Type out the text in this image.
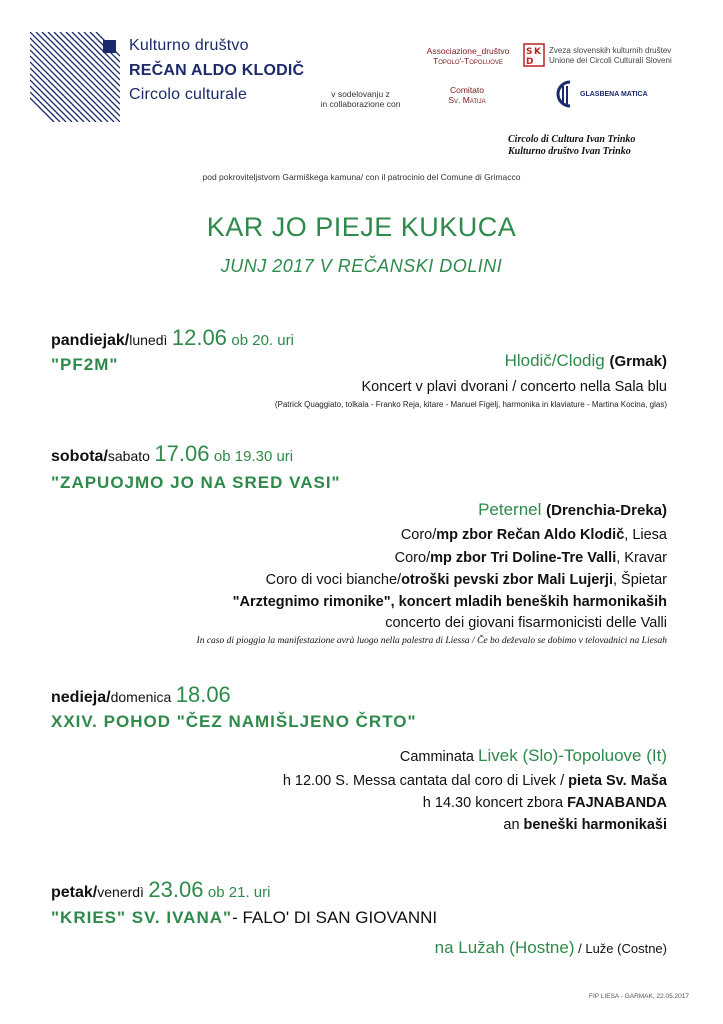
Kulturno društvo
REČAN ALDO KLODIČ
Circolo culturale	v sodelovanju z
in collaborazione con
Associazione_društvo
Topolo'-Topoluove
Comitato
Sv. Matija
S K
D
Zveza slovenskih kulturnih društev
Unione dei Circoli Culturali Sloveni
GLASBENA MATICA
Circolo di Cultura Ivan Trinko
Kulturno društvo Ivan Trinko
pod pokroviteljstvom Garmiškega kamuna/ con il patrocinio del Comune di Grimacco
KAR JO PIEJE KUKUCA
JUNJ 2017 V REČANSKI DOLINI
pandiejak/lunedì 12.06 ob 20. uri
"PF2M"	Hlodič/Clodig (Grmak)
Koncert v plavi dvorani / concerto nella Sala blu
(Patrick Quaggiato, tolkala - Franko Reja, kitare - Manuel Figelj, harmonika in klaviature - Martina Kocina, glas)
sobota/sabato 17.06 ob 19.30 uri
"ZAPUOJMO JO NA SRED VASI"
Peternel (Drenchia-Dreka)
Coro/mp zbor Rečan Aldo Klodič, Liesa
Coro/mp zbor Tri Doline-Tre Valli, Kravar
Coro di voci bianche/otroški pevski zbor Mali Lujerji, Špietar
"Arztegnimo rimonike", koncert mladih beneških harmonikaših
concerto dei giovani fisarmonicisti delle Valli
In caso di pioggia la manifestazione avrà luogo nella palestra di Liessa / Če bo deževalo se dobimo v telovadnici na Liesah
nedieja/domenica 18.06
XXIV. POHOD "ČEZ NAMIŠLJENO ČRTO"
Camminata Livek (Slo)-Topoluove (It)
h 12.00 S. Messa cantata dal coro di Livek / pieta Sv. Maša
h 14.30 koncert zbora FAJNABANDA
an beneški harmonikaši
petak/venerdì 23.06 ob 21. uri
"KRIES" SV. IVANA"- FALO' DI SAN GIOVANNI
na Lužah (Hostne) / Luže (Costne)
FIP LIESA - GARMAK, 22.05.2017
